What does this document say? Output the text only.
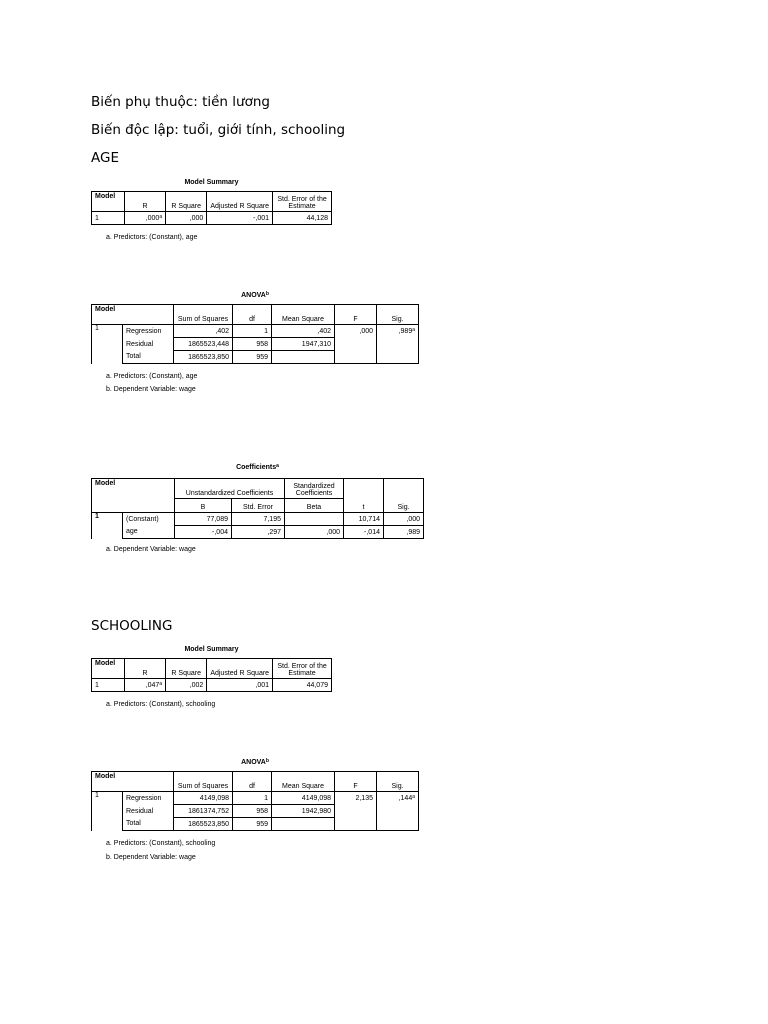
Biến phụ thuộc: tiền lương
Biến độc lập: tuổi, giới tính, schooling
AGE
Model Summary
Model	R	R Square	Adjusted R Square	Std. Error of the Estimate
1	,000$^a$	,000	-,001	44,128
a. Predictors: (Constant), age
ANOVA$^b$
Model		Sum of Squares	df	Mean Square	F	Sig.
1	Regression	,402	1	,402	,000	,989$^a$
	Residual	1865523,448	958	1947,310		
	Total	1865523,850	959			
a. Predictors: (Constant), age
b. Dependent Variable: wage
Coefficients$^a$
Model		Unstandardized Coefficients		Standardized Coefficients	t	Sig.
		B	Std. Error	Beta		
1	(Constant)	77,089	7,195		10,714	,000
	age	-,004	,297	,000	-,014	,989
a. Dependent Variable: wage
SCHOOLING
Model Summary
Model	R	R Square	Adjusted R Square	Std. Error of the Estimate
1	,047$^a$	,002	,001	44,079
a. Predictors: (Constant), schooling
ANOVA$^b$
Model		Sum of Squares	df	Mean Square	F	Sig.
1	Regression	4149,098	1	4149,098	2,135	,144$^a$
	Residual	1861374,752	958	1942,980		
	Total	1865523,850	959			
a. Predictors: (Constant), schooling
b. Dependent Variable: wage
